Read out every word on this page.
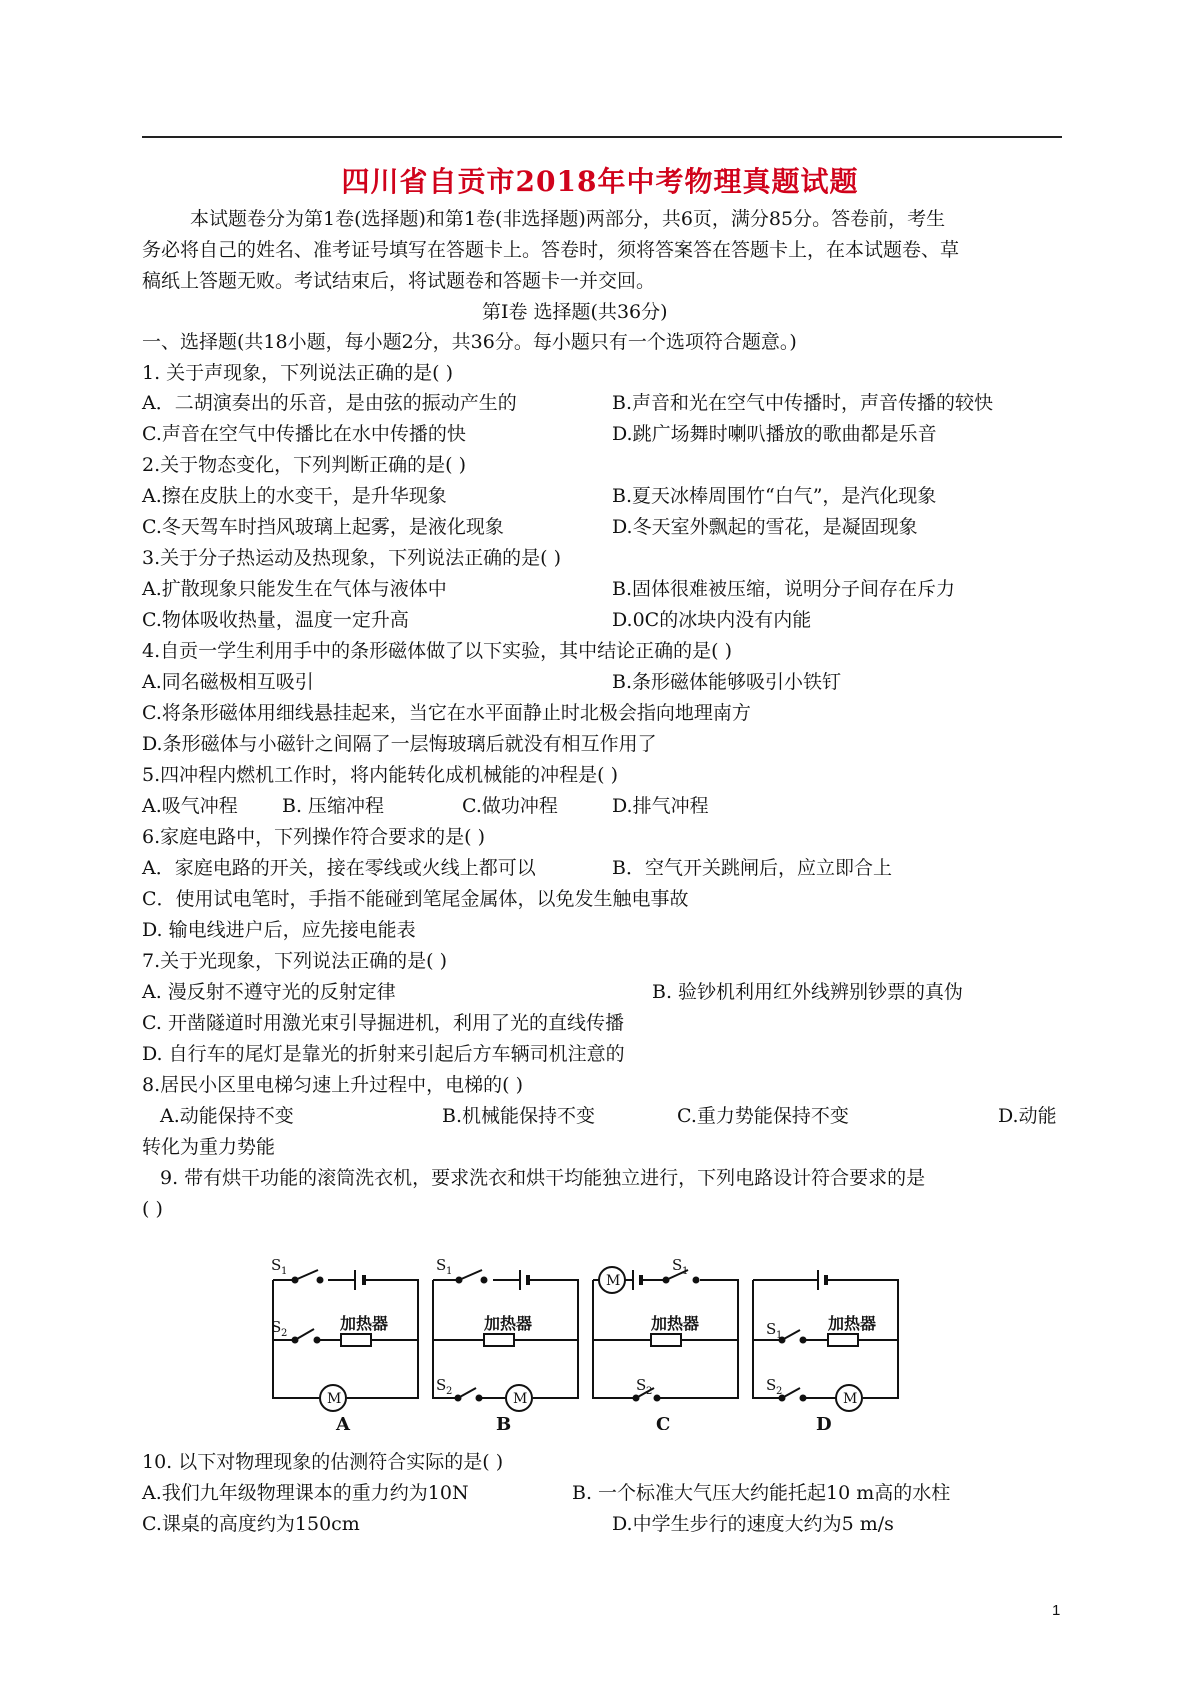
四川省自贡市2018年中考物理真题试题
本试题卷分为第1卷(选择题)和第1卷(非选择题)两部分，共6页，满分85分。答卷前，考生
务必将自己的姓名、准考证号填写在答题卡上。答卷时，须将答案答在答题卡上，在本试题卷、草
稿纸上答题无败。考试结束后，将试题卷和答题卡一并交回。
第Ⅰ卷 选择题(共36分)
一、选择题(共18小题，每小题2分，共36分。每小题只有一个选项符合题意。)
1. 关于声现象，下列说法正确的是( )
A．二胡演奏出的乐音，是由弦的振动产生的	B.声音和光在空气中传播时，声音传播的较快
C.声音在空气中传播比在水中传播的快	D.跳广场舞时喇叭播放的歌曲都是乐音
2.关于物态变化，下列判断正确的是( )
A.擦在皮肤上的水变干，是升华现象	B.夏天冰棒周围竹“白气”，是汽化现象
C.冬天驾车时挡风玻璃上起雾，是液化现象	D.冬天室外飘起的雪花，是凝固现象
3.关于分子热运动及热现象，下列说法正确的是( )
A.扩散现象只能发生在气体与液体中	B.固体很难被压缩，说明分子间存在斥力
C.物体吸收热量，温度一定升高	D.0C的冰块内没有内能
4.自贡一学生利用手中的条形磁体做了以下实验，其中结论正确的是( )
A.同名磁极相互吸引	B.条形磁体能够吸引小铁钉
C.将条形磁体用细线悬挂起来，当它在水平面静止时北极会指向地理南方
D.条形磁体与小磁针之间隔了一层悔玻璃后就没有相互作用了
5.四冲程内燃机工作时，将内能转化成机械能的冲程是( )
A.吸气冲程 B. 压缩冲程	C.做功冲程	D.排气冲程
6.家庭电路中，下列操作符合要求的是( )
A．家庭电路的开关，接在零线或火线上都可以	B．空气开关跳闸后，应立即合上
C．使用试电笔时，手指不能碰到笔尾金属体，以免发生触电事故
D. 输电线进户后，应先接电能表
7.关于光现象，下列说法正确的是( )
A. 漫反射不遵守光的反射定律	B. 验钞机利用红外线辨别钞票的真伪
C. 开凿隧道时用激光束引导掘进机，利用了光的直线传播
D. 自行车的尾灯是靠光的折射来引起后方车辆司机注意的
8.居民小区里电梯匀速上升过程中，电梯的( )
A.动能保持不变	B.机械能保持不变	C.重力势能保持不变	D.动能
转化为重力势能
9. 带有烘干功能的滚筒洗衣机，要求洗衣和烘干均能独立进行，下列电路设计符合要求的是
( )
S 1
S 2
加热器
M
A
S 1
加热器
S 2	M
B
M
S 1
加热器
S 2
C
S 1
加热器
S 2	M
D
10. 以下对物理现象的估测符合实际的是( )
A.我们九年级物理课本的重力约为10N	B. 一个标准大气压大约能托起10 m高的水柱
C.课桌的高度约为150cm	D.中学生步行的速度大约为5 m/s
1
